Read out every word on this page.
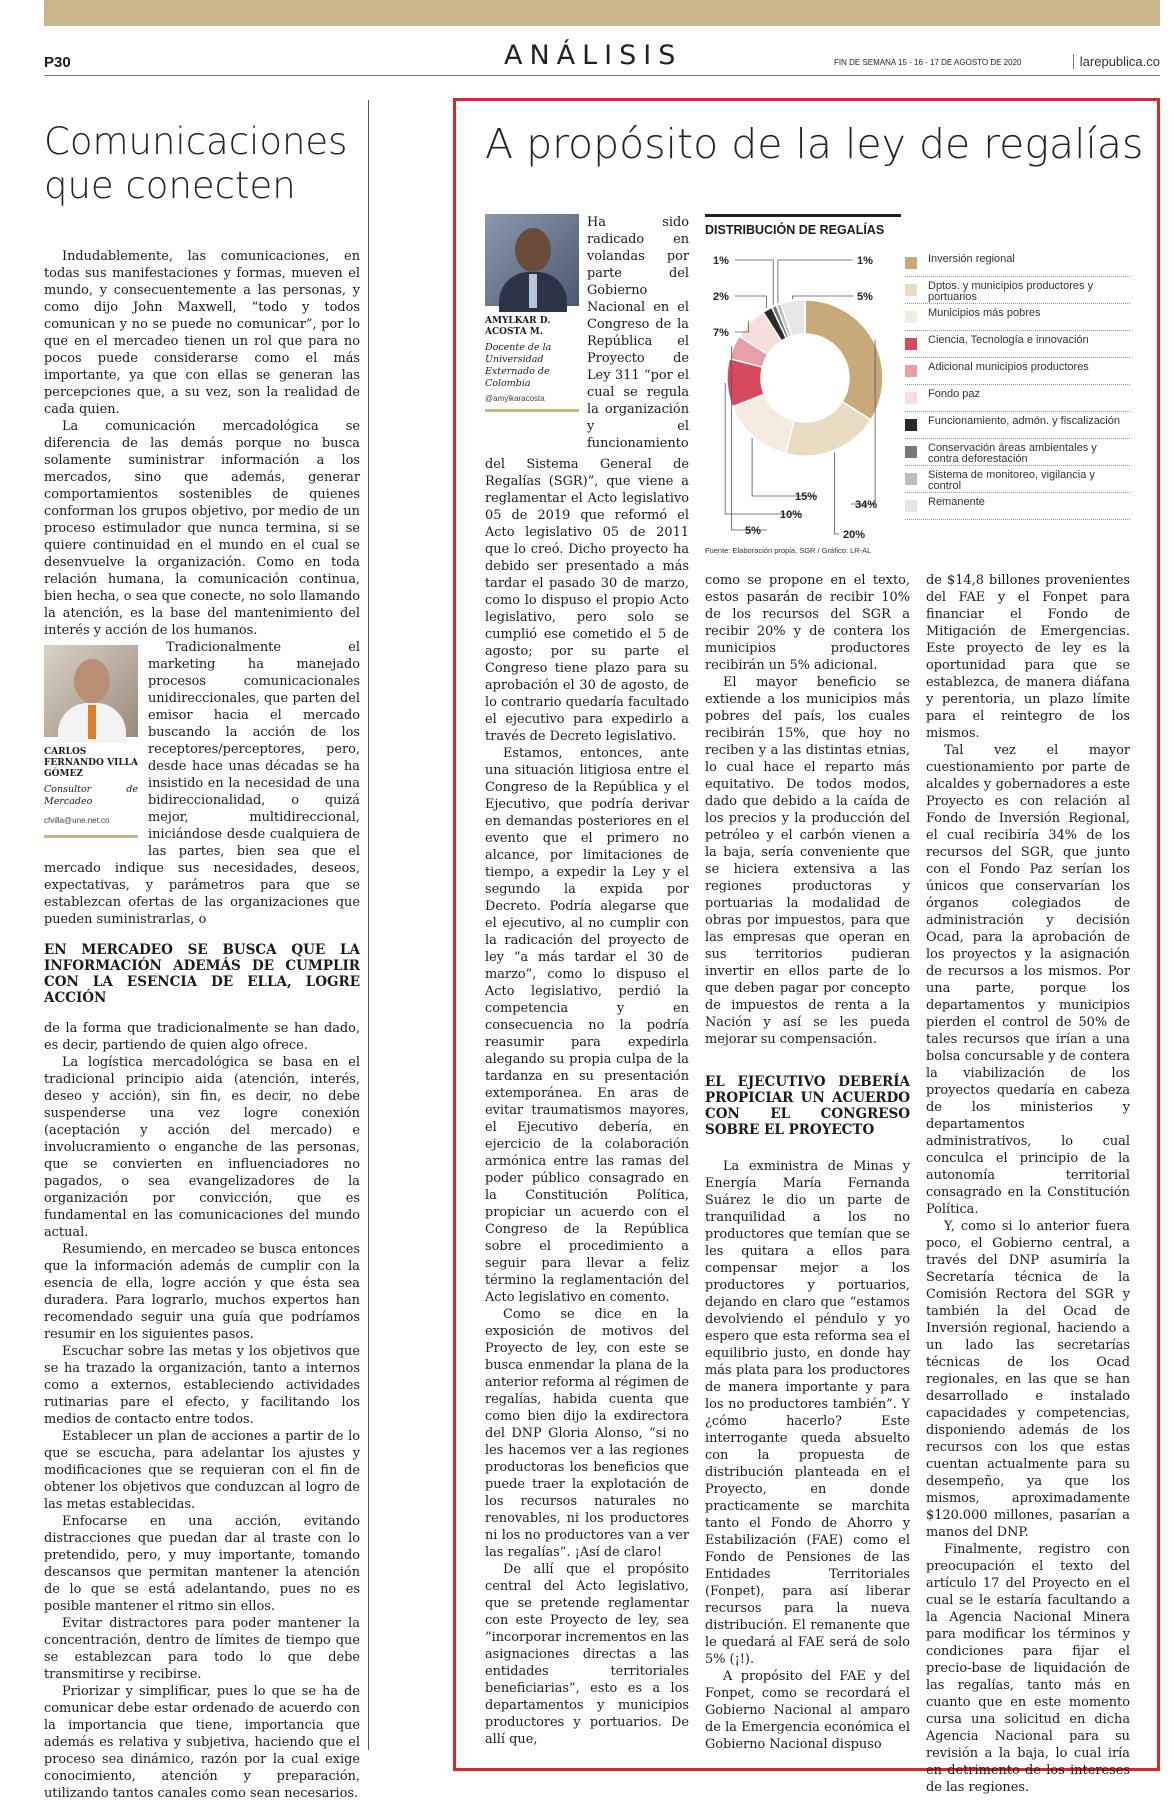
P30	ANÁLISIS	FIN DE SEMANA 15 - 16 - 17 DE AGOSTO DE 2020	larepublica.co
Comunicaciones que conecten

Indudablemente, las comunicaciones, en todas sus manifestaciones y formas, mueven el mundo, y consecuentemente a las personas, y como dijo John Maxwell, “todo y todos comunican y no se puede no comunicar”, por lo que en el mercadeo tienen un rol que para no pocos puede considerarse como el más importante, ya que con ellas se generan las percepciones que, a su vez, son la realidad de cada quien.

La comunicación mercadológica se diferencia de las demás porque no busca solamente suministrar información a los mercados, sino que además, generar comportamientos sostenibles de quienes conforman los grupos objetivo, por medio de un proceso estimulador que nunca termina, si se quiere continuidad en el mundo en el cual se desenvuelve la organización. Como en toda relación humana, la comunicación continua, bien hecha, o sea que conecte, no solo llamando la atención, es la base del mantenimiento del interés y acción de los humanos.

CARLOS FERNANDO VILLA GÓMEZ
Consultor de Mercadeo
cfvilla@une.net.co

Tradicionalmente el marketing ha manejado procesos comunicacionales unidireccionales, que parten del emisor hacia el mercado buscando la acción de los receptores/perceptores, pero, desde hace unas décadas se ha insistido en la necesidad de una bidireccionalidad, o quizá mejor, multidireccional, iniciándose desde cualquiera de las partes, bien sea que el mercado indique sus necesidades, deseos, expectativas, y parámetros para que se establezcan ofertas de las organizaciones que pueden suministrarlas, o

EN MERCADEO SE BUSCA QUE LA INFORMACIÓN ADEMÁS DE CUMPLIR CON LA ESENCIA DE ELLA, LOGRE ACCIÓN

de la forma que tradicionalmente se han dado, es decir, partiendo de quien algo ofrece.

La logística mercadológica se basa en el tradicional principio aida (atención, interés, deseo y acción), sin fin, es decir, no debe suspenderse una vez logre conexión (aceptación y acción del mercado) e involucramiento o enganche de las personas, que se convierten en influenciadores no pagados, o sea evangelizadores de la organización por convicción, que es fundamental en las comunicaciones del mundo actual.

Resumiendo, en mercadeo se busca entonces que la información además de cumplir con la esencia de ella, logre acción y que ésta sea duradera. Para lograrlo, muchos expertos han recomendado seguir una guía que podríamos resumir en los siguientes pasos.

Escuchar sobre las metas y los objetivos que se ha trazado la organización, tanto a internos como a externos, estableciendo actividades rutinarias pare el efecto, y facilitando los medios de contacto entre todos.

Establecer un plan de acciones a partir de lo que se escucha, para adelantar los ajustes y modificaciones que se requieran con el fin de obtener los objetivos que conduzcan al logro de las metas establecidas.

Enfocarse en una acción, evitando distracciones que puedan dar al traste con lo pretendido, pero, y muy importante, tomando descansos que permitan mantener la atención de lo que se está adelantando, pues no es posible mantener el ritmo sin ellos.

Evitar distractores para poder mantener la concentración, dentro de límites de tiempo que se establezcan para todo lo que debe transmitirse y recibirse.

Priorizar y simplificar, pues lo que se ha de comunicar debe estar ordenado de acuerdo con la importancia que tiene, importancia que además es relativa y subjetiva, haciendo que el proceso sea dinámico, razón por la cual exige conocimiento, atención y preparación, utilizando tantos canales como sean necesarios.

A propósito de la ley de regalías
AMYLKAR D. ACOSTA M.
Docente de la Universidad Externado de Colombia
@amylkaracosta
Ha sido radicado en volandas por parte del Gobierno Nacional en el Congreso de la República el Proyecto de Ley 311 “por el cual se regula la organización y el funcionamiento

del Sistema General de Regalías (SGR)”, que viene a reglamentar el Acto legislativo 05 de 2019 que reformó el Acto legislativo 05 de 2011 que lo creó. Dicho proyecto ha debido ser presentado a más tardar el pasado 30 de marzo, como lo dispuso el propio Acto legislativo, pero solo se cumplió ese cometido el 5 de agosto; por su parte el Congreso tiene plazo para su aprobación el 30 de agosto, de lo contrario quedaría facultado el ejecutivo para expedirlo a través de Decreto legislativo.

Estamos, entonces, ante una situación litigiosa entre el Congreso de la República y el Ejecutivo, que podría derivar en demandas posteriores en el evento que el primero no alcance, por limitaciones de tiempo, a expedir la Ley y el segundo la expida por Decreto. Podría alegarse que el ejecutivo, al no cumplir con la radicación del proyecto de ley “a más tardar el 30 de marzo”, como lo dispuso el Acto legislativo, perdió la competencia y en consecuencia no la podría reasumir para expedirla alegando su propia culpa de la tardanza en su presentación extemporánea. En aras de evitar traumatismos mayores, el Ejecutivo debería, en ejercicio de la colaboración armónica entre las ramas del poder público consagrado en la Constitución Política, propiciar un acuerdo con el Congreso de la República sobre el procedimiento a seguir para llevar a feliz término la reglamentación del Acto legislativo en comento.

Como se dice en la exposición de motivos del Proyecto de ley, con este se busca enmendar la plana de la anterior reforma al régimen de regalías, habida cuenta que como bien dijo la exdirectora del DNP Gloria Alonso, “si no les hacemos ver a las regiones productoras los beneficios que puede traer la explotación de los recursos naturales no renovables, ni los productores ni los no productores van a ver las regalías”. ¡Así de claro!

De allí que el propósito central del Acto legislativo, que se pretende reglamentar con este Proyecto de ley, sea “incorporar incrementos en las asignaciones directas a las entidades territoriales beneficiarias”, esto es a los departamentos y municipios productores y portuarios. De allí que,

DISTRIBUCIÓN DE REGALÍAS
34%
20%
15%
10%
5%
7%
2%
1%	1%
5%
Inversión regional
Dptos. y municipios productores y portuarios
Municipios más pobres
Ciencia, Tecnología e innovación
Adicional municipios productores
Fondo paz
Funcionamiento, admón. y fiscalización
Conservación áreas ambientales y contra deforestación
Sistema de monitoreo, vigilancia y control
Remanente
Fuente: Elaboración propia, SGR / Gráfico: LR-AL

como se propone en el texto, estos pasarán de recibir 10% de los recursos del SGR a recibir 20% y de contera los municipios productores recibirán un 5% adicional.

El mayor beneficio se extiende a los municipios más pobres del país, los cuales recibirán 15%, que hoy no reciben y a las distintas etnias, lo cual hace el reparto más equitativo. De todos modos, dado que debido a la caída de los precios y la producción del petróleo y el carbón vienen a la baja, sería conveniente que se hiciera extensiva a las regiones productoras y portuarias la modalidad de obras por impuestos, para que las empresas que operan en sus territorios pudieran invertir en ellos parte de lo que deben pagar por concepto de impuestos de renta a la Nación y así se les pueda mejorar su compensación.

EL EJECUTIVO DEBERÍA PROPICIAR UN ACUERDO CON EL CONGRESO SOBRE EL PROYECTO

La exministra de Minas y Energía María Fernanda Suárez le dio un parte de tranquilidad a los no productores que temían que se les quitara a ellos para compensar mejor a los productores y portuarios, dejando en claro que “estamos devolviendo el péndulo y yo espero que esta reforma sea el equilibrio justo, en donde hay más plata para los productores de manera importante y para los no productores también”. Y ¿cómo hacerlo? Este interrogante queda absuelto con la propuesta de distribución planteada en el Proyecto, en donde practicamente se marchita tanto el Fondo de Ahorro y Estabilización (FAE) como el Fondo de Pensiones de las Entidades Territoriales (Fonpet), para así liberar recursos para la nueva distribución. El remanente que le quedará al FAE será de solo 5% (¡!).

A propósito del FAE y del Fonpet, como se recordará el Gobierno Nacional al amparo de la Emergencia económica el Gobierno Nacional dispuso

de $14,8 billones provenientes del FAE y el Fonpet para financiar el Fondo de Mitigación de Emergencias. Este proyecto de ley es la oportunidad para que se establezca, de manera diáfana y perentoria, un plazo límite para el reintegro de los mismos.

Tal vez el mayor cuestionamiento por parte de alcaldes y gobernadores a este Proyecto es con relación al Fondo de Inversión Regional, el cual recibiría 34% de los recursos del SGR, que junto con el Fondo Paz serían los únicos que conservarían los órganos colegiados de administración y decisión Ocad, para la aprobación de los proyectos y la asignación de recursos a los mismos. Por una parte, porque los departamentos y municipios pierden el control de 50% de tales recursos que irían a una bolsa concursable y de contera la viabilización de los proyectos quedaría en cabeza de los ministerios y departamentos administrativos, lo cual conculca el principio de la autonomía territorial consagrado en la Constitución Política.

Y, como si lo anterior fuera poco, el Gobierno central, a través del DNP asumiría la Secretaría técnica de la Comisión Rectora del SGR y también la del Ocad de Inversión regional, haciendo a un lado las secretarías técnicas de los Ocad regionales, en las que se han desarrollado e instalado capacidades y competencias, disponiendo además de los recursos con los que estas cuentan actualmente para su desempeño, ya que los mismos, aproximadamente $120.000 millones, pasarían a manos del DNP.

Finalmente, registro con preocupación el texto del artículo 17 del Proyecto en el cual se le estaría facultando a la Agencia Nacional Minera para modificar los términos y condiciones para fijar el precio-base de liquidación de las regalías, tanto más en cuanto que en este momento cursa una solicitud en dicha Agencia Nacional para su revisión a la baja, lo cual iría en detrimento de los intereses de las regiones.
